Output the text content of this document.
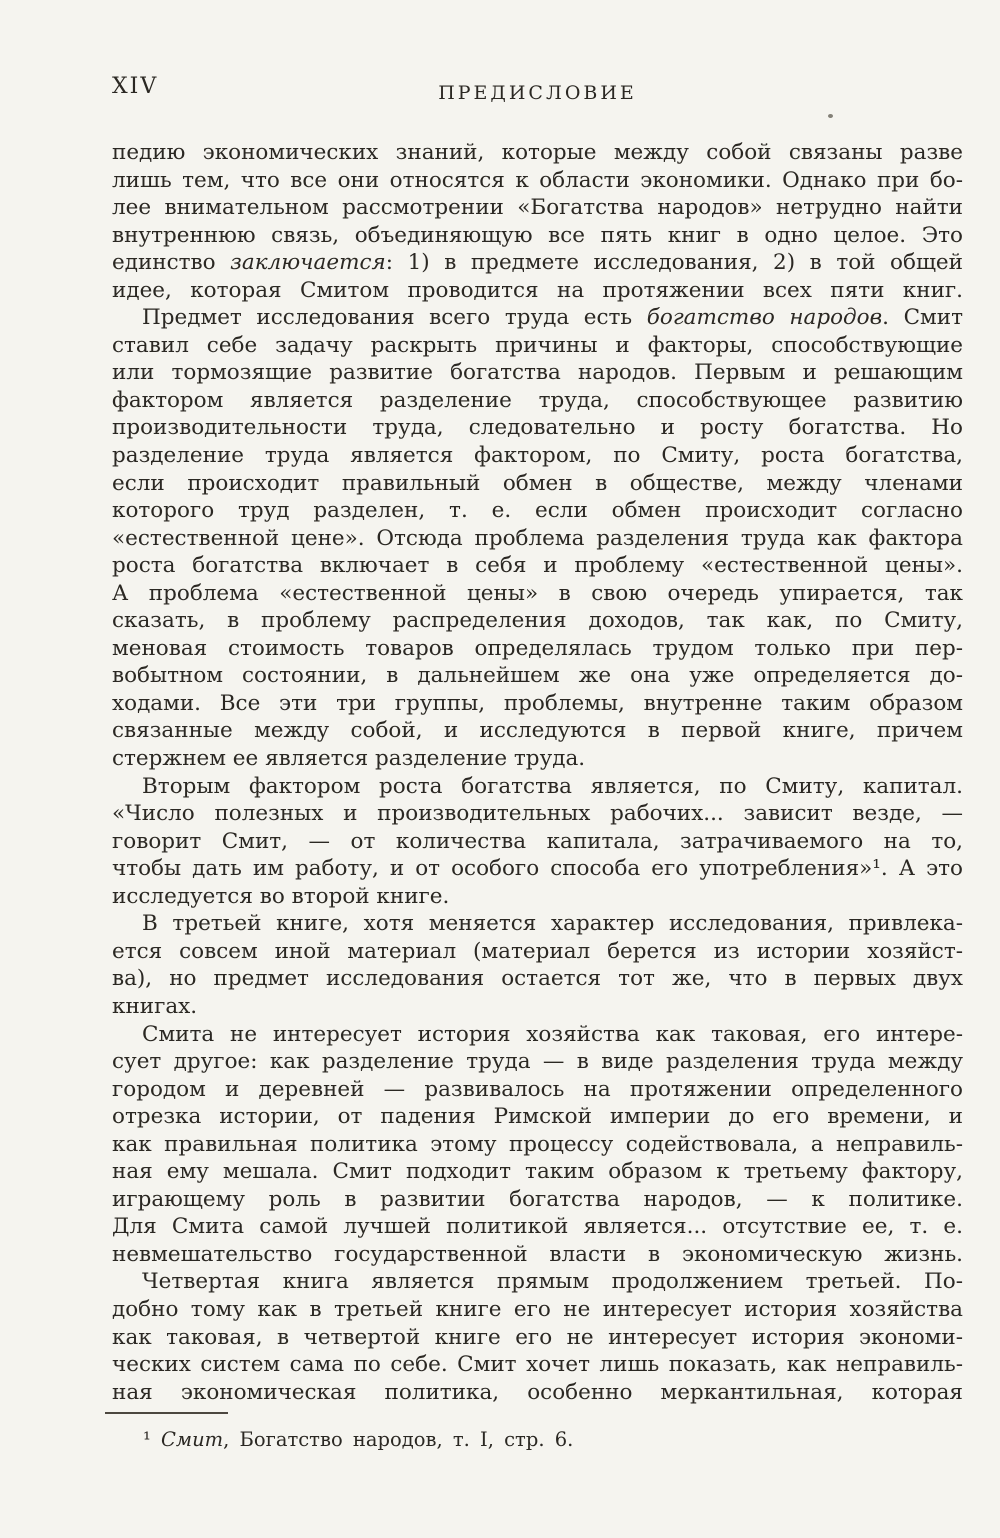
XIV	ПРЕДИСЛОВИЕ
педию экономических знаний, которые между собой связаны разве
лишь тем, что все они относятся к области экономики. Однако при бо-
лее внимательном рассмотрении «Богатства народов» нетрудно найти
внутреннюю связь, объединяющую все пять книг в одно целое. Это
единство заключается: 1) в предмете исследования, 2) в той общей
идее, которая Смитом проводится на протяжении всех пяти книг.
Предмет исследования всего труда есть богатство народов. Смит
ставил себе задачу раскрыть причины и факторы, способствующие
или тормозящие развитие богатства народов. Первым и решающим
фактором является разделение труда, способствующее развитию
производительности труда, следовательно и росту богатства. Но
разделение труда является фактором, по Смиту, роста богатства,
если происходит правильный обмен в обществе, между членами
которого труд разделен, т. е. если обмен происходит согласно
«естественной цене». Отсюда проблема разделения труда как фактора
роста богатства включает в себя и проблему «естественной цены».
А проблема «естественной цены» в свою очередь упирается, так
сказать, в проблему распределения доходов, так как, по Смиту,
меновая стоимость товаров определялась трудом только при пер-
вобытном состоянии, в дальнейшем же она уже определяется до-
ходами. Все эти три группы, проблемы, внутренне таким образом
связанные между собой, и исследуются в первой книге, причем
стержнем ее является разделение труда.
Вторым фактором роста богатства является, по Смиту, капитал.
«Число полезных и производительных рабочих... зависит везде, —
говорит Смит, — от количества капитала, затрачиваемого на то,
чтобы дать им работу, и от особого способа его употребления»¹. А это
исследуется во второй книге.
В третьей книге, хотя меняется характер исследования, привлека-
ется совсем иной материал (материал берется из истории хозяйст-
ва), но предмет исследования остается тот же, что в первых двух
книгах.
Смита не интересует история хозяйства как таковая, его интере-
сует другое: как разделение труда — в виде разделения труда между
городом и деревней — развивалось на протяжении определенного
отрезка истории, от падения Римской империи до его времени, и
как правильная политика этому процессу содействовала, а неправиль-
ная ему мешала. Смит подходит таким образом к третьему фактору,
играющему роль в развитии богатства народов, — к политике.
Для Смита самой лучшей политикой является... отсутствие ее, т. е.
невмешательство государственной власти в экономическую жизнь.
Четвертая книга является прямым продолжением третьей. По-
добно тому как в третьей книге его не интересует история хозяйства
как таковая, в четвертой книге его не интересует история экономи-
ческих систем сама по себе. Смит хочет лишь показать, как неправиль-
ная экономическая политика, особенно меркантильная, которая
¹ Смит, Богатство народов, т. I, стр. 6.
